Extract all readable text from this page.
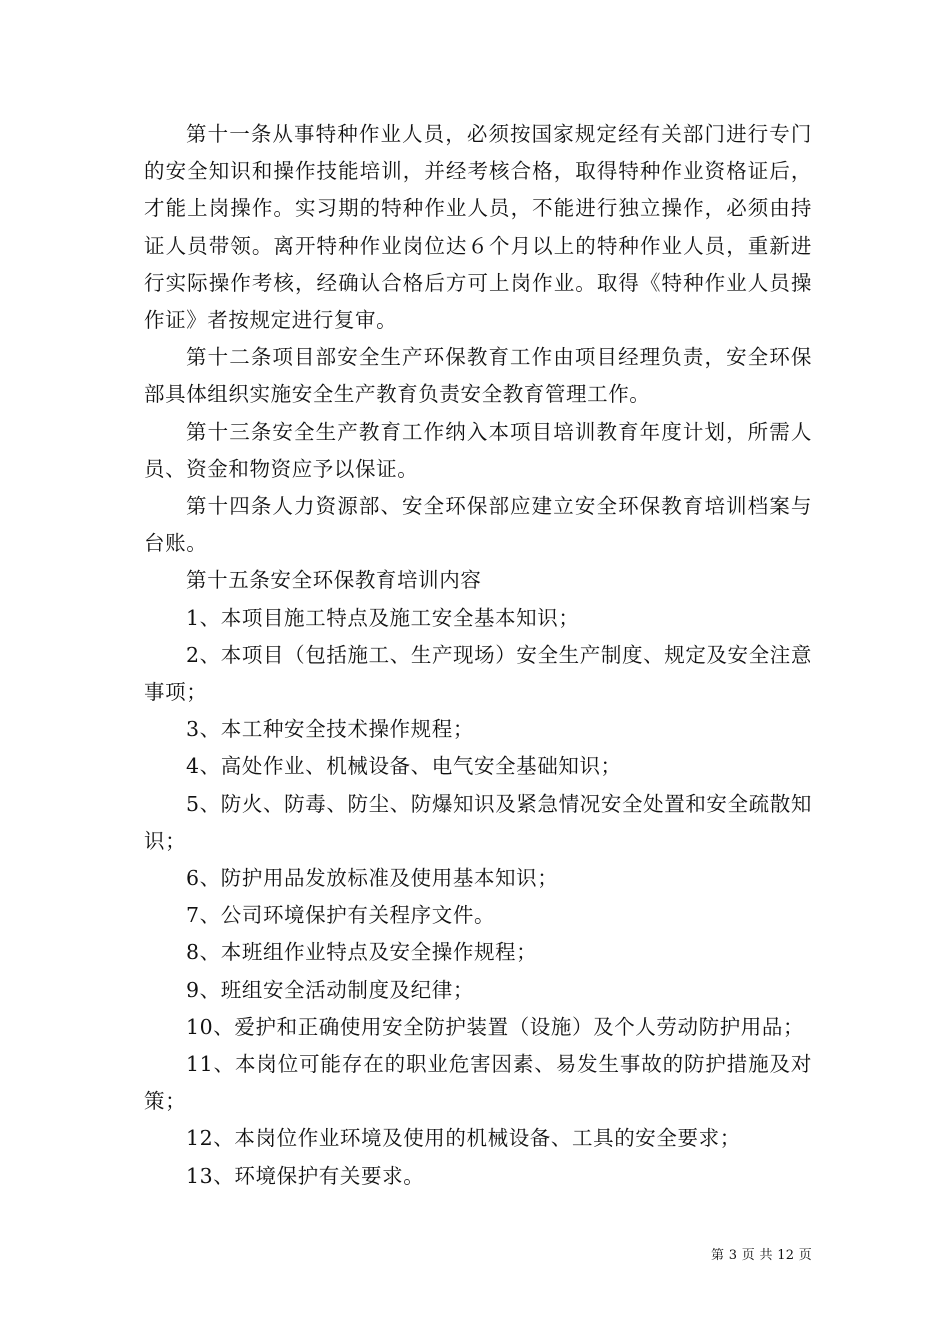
第十一条从事特种作业人员，必须按国家规定经有关部门进行专门的安全知识和操作技能培训，并经考核合格，取得特种作业资格证后，才能上岗操作。实习期的特种作业人员，不能进行独立操作，必须由持证人员带领。离开特种作业岗位达６个月以上的特种作业人员，重新进行实际操作考核，经确认合格后方可上岗作业。取得《特种作业人员操作证》者按规定进行复审。

第十二条项目部安全生产环保教育工作由项目经理负责，安全环保部具体组织实施安全生产教育负责安全教育管理工作。

第十三条安全生产教育工作纳入本项目培训教育年度计划，所需人员、资金和物资应予以保证。

第十四条人力资源部、安全环保部应建立安全环保教育培训档案与台账。

第十五条安全环保教育培训内容

1、本项目施工特点及施工安全基本知识；

2、本项目（包括施工、生产现场）安全生产制度、规定及安全注意事项；

3、本工种安全技术操作规程；

4、高处作业、机械设备、电气安全基础知识；

5、防火、防毒、防尘、防爆知识及紧急情况安全处置和安全疏散知识；

6、防护用品发放标准及使用基本知识；

7、公司环境保护有关程序文件。

8、本班组作业特点及安全操作规程；

9、班组安全活动制度及纪律；

10、爱护和正确使用安全防护装置（设施）及个人劳动防护用品；

11、本岗位可能存在的职业危害因素、易发生事故的防护措施及对策；

12、本岗位作业环境及使用的机械设备、工具的安全要求；

13、环境保护有关要求。

第 3 页 共 12 页
